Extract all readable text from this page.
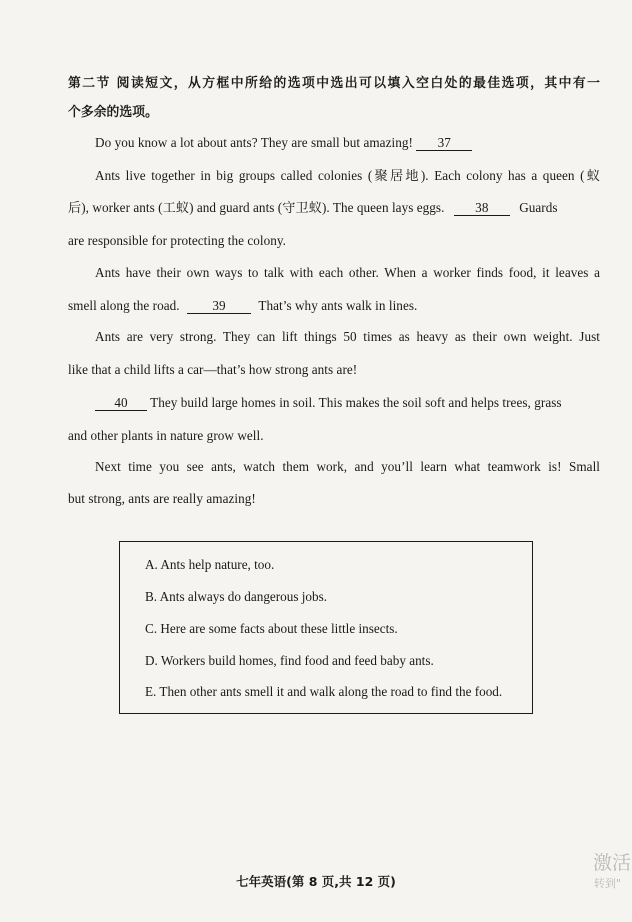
第二节 阅读短文，从方框中所给的选项中选出可以填入空白处的最佳选项，其中有一
个多余的选项。
Do you know a lot about ants? They are small but amazing! 37
Ants live together in big groups called colonies (聚居地). Each colony has a queen (蚁
后), worker ants (工蚁) and guard ants (守卫蚁). The queen lays eggs. 38 Guards
are responsible for protecting the colony.
Ants have their own ways to talk with each other. When a worker finds food, it leaves a
smell along the road. 39 That’s why ants walk in lines.
Ants are very strong. They can lift things 50 times as heavy as their own weight. Just
like that a child lifts a car—that’s how strong ants are!
40 They build large homes in soil. This makes the soil soft and helps trees, grass
and other plants in nature grow well.
Next time you see ants, watch them work, and you’ll learn what teamwork is! Small
but strong, ants are really amazing!
A. Ants help nature, too.
B. Ants always do dangerous jobs.
C. Here are some facts about these little insects.
D. Workers build homes, find food and feed baby ants.
E. Then other ants smell it and walk along the road to find the food.
七年英语(第 8 页,共 12 页)
激活
转到"
